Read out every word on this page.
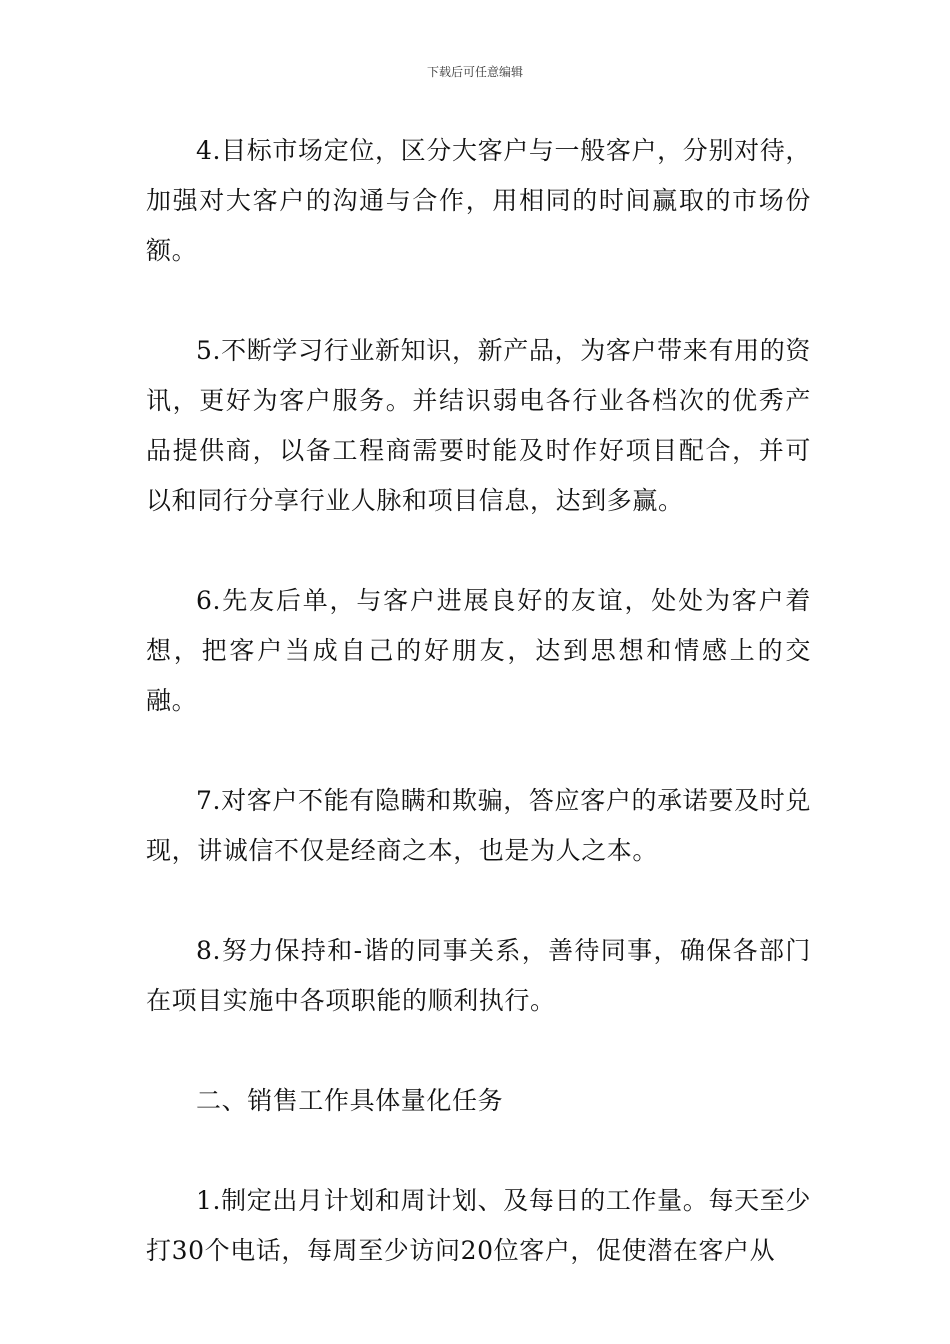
下载后可任意编辑

4.目标市场定位，区分大客户与一般客户，分别对待，加强对大客户的沟通与合作，用相同的时间赢取的市场份额。

5.不断学习行业新知识，新产品，为客户带来有用的资讯，更好为客户服务。并结识弱电各行业各档次的优秀产品提供商，以备工程商需要时能及时作好项目配合，并可以和同行分享行业人脉和项目信息，达到多赢。

6.先友后单，与客户进展良好的友谊，处处为客户着想，把客户当成自己的好朋友，达到思想和情感上的交融。

7.对客户不能有隐瞒和欺骗，答应客户的承诺要及时兑现，讲诚信不仅是经商之本，也是为人之本。

8.努力保持和-谐的同事关系，善待同事，确保各部门在项目实施中各项职能的顺利执行。

二、销售工作具体量化任务

1.制定出月计划和周计划、及每日的工作量。每天至少打30个电话，每周至少访问20位客户，促使潜在客户从
